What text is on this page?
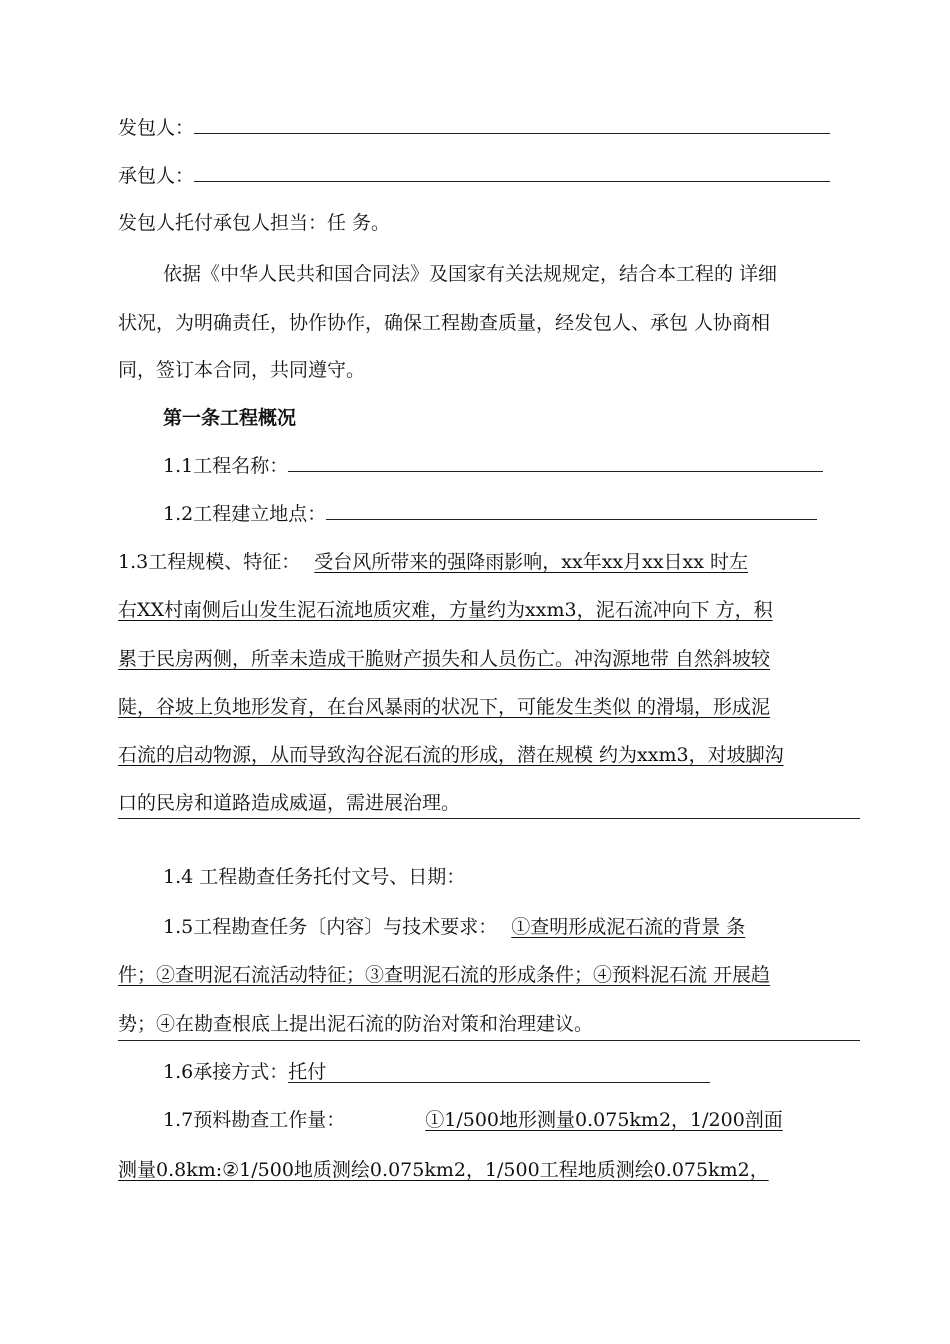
发包人：
承包人：
发包人托付承包人担当：任 务。
依据《中华人民共和国合同法》及国家有关法规规定，结合本工程的 详细
状况，为明确责任，协作协作，确保工程勘查质量，经发包人、承包 人协商相
同，签订本合同，共同遵守。
第一条工程概况
1.1工程名称：
1.2工程建立地点：
1.3工程规模、特征： 受台风所带来的强降雨影响，xx年xx月xx日xx 时左
右XX村南侧后山发生泥石流地质灾难，方量约为xxm3，泥石流冲向下 方，积
累于民房两侧，所幸未造成干脆财产损失和人员伤亡。冲沟源地带 自然斜坡较
陡，谷坡上负地形发育，在台风暴雨的状况下，可能发生类似 的滑塌，形成泥
石流的启动物源，从而导致沟谷泥石流的形成，潜在规模 约为xxm3，对坡脚沟
口的民房和道路造成威逼，需进展治理。
1.4 工程勘查任务托付文号、日期：
1.5工程勘查任务〔内容〕与技术要求： ①查明形成泥石流的背景 条
件；②查明泥石流活动特征；③查明泥石流的形成条件；④预料泥石流 开展趋
势；④在勘查根底上提出泥石流的防治对策和治理建议。
1.6承接方式：托付
1.7预料勘查工作量：	①1/500地形测量0.075km2，1/200剖面
测量0.8km:②1/500地质测绘0.075km2，1/500工程地质测绘0.075km2，
